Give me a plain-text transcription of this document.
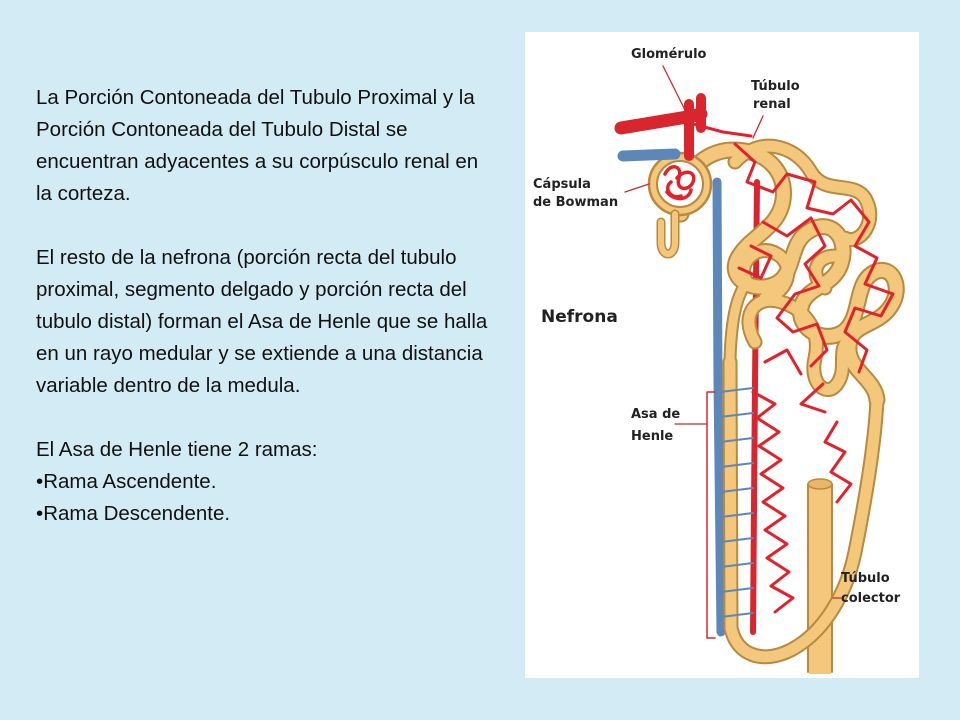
La Porción Contoneada del Tubulo Proximal y la Porción Contoneada del Tubulo Distal se encuentran adyacentes a su corpúsculo renal en la corteza.

El resto de la nefrona (porción recta del tubulo proximal, segmento delgado y porción recta del tubulo distal) forman el Asa de Henle que se halla en un rayo medular y se extiende a una distancia variable dentro de la medula.

El Asa de Henle tiene 2 ramas:

• Rama Ascendente.

• Rama Descendente.

Glomérulo
Túbulo
renal
Cápsula
de Bowman
Nefrona
Asa de
Henle
Túbulo
colector
